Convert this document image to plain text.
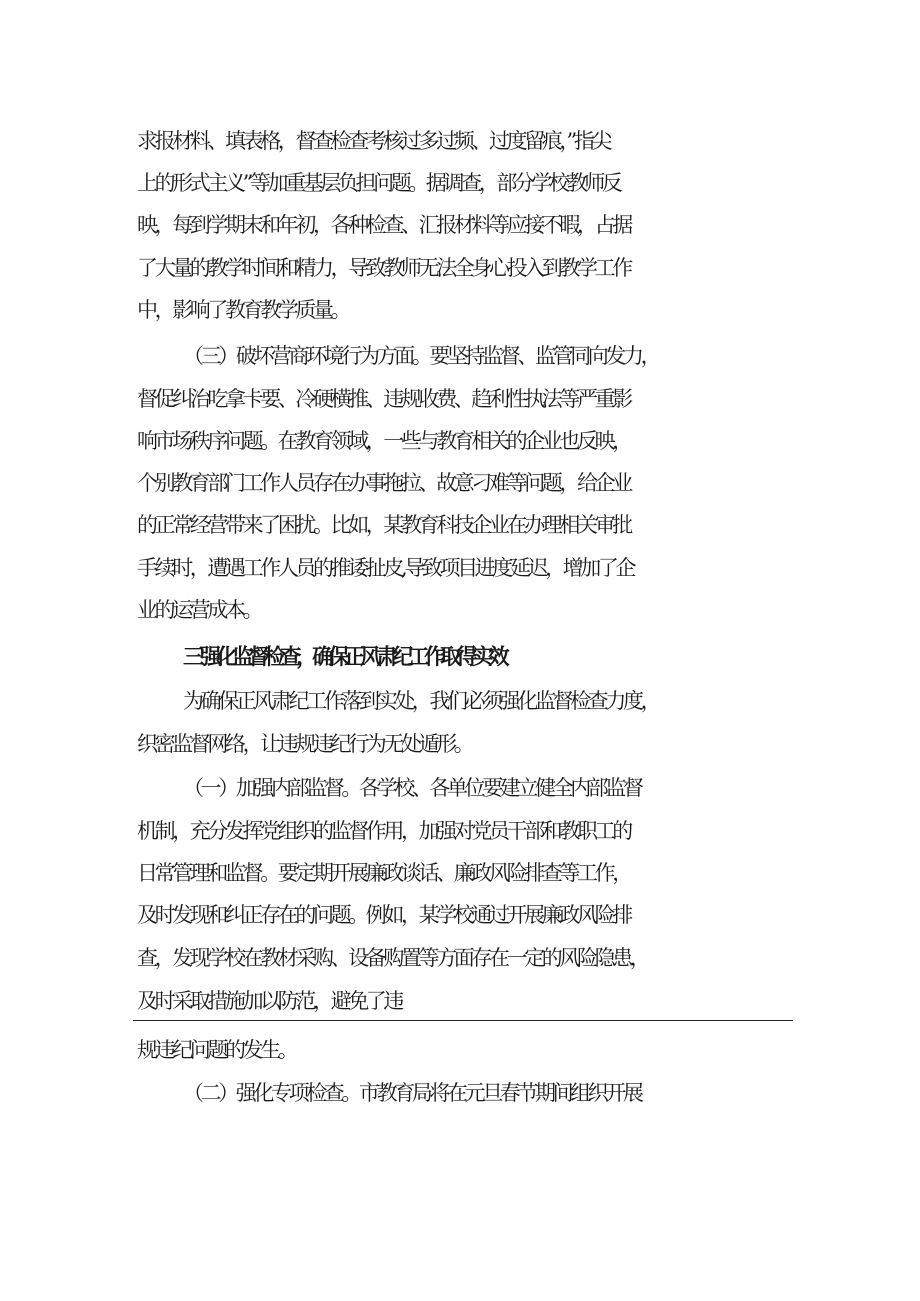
求报材料、填表格，督查检查考核过多过频、过度留痕，”指尖
上的形式主义”等加重基层负担问题。据调查，部分学校教师反
映，每到学期末和年初，各种检查、汇报材料等应接不暇，占据
了大量的教学时间和精力，导致教师无法全身心投入到教学工作
中，影响了教育教学质量。
（三）破坏营商环境行为方面。要坚持监督、监管同向发力，
督促纠治吃拿卡要、冷硬横推、违规收费、趋利性执法等严重影
响市场秩序问题。在教育领域，一些与教育相关的企业也反映，
个别教育部门工作人员存在办事拖拉、故意刁难等问题，给企业
的正常经营带来了困扰。比如，某教育科技企业在办理相关审批
手续时，遭遇工作人员的推诿扯皮,导致项目进度延迟，增加了企
业的运营成本。
三'强化监督检查，确保正风肃纪工作取得实效
为确保正风肃纪工作落到实处，我们必须强化监督检查力度，
织密监督网络，让违规违纪行为无处遁形。
（一）加强内部监督。各学校、各单位要建立健全内部监督
机制，充分发挥党组织的监督作用，加强对党员干部和教职工的
日常管理和监督。要定期开展廉政谈话、廉政风险排查等工作，
及时发现和纠正存在的问题。例如，某学校通过开展廉政风险排
查，发现学校在教材采购、设备购置等方面存在一定的风险隐患，
及时采取措施加以防范，避免了违
规违纪问题的发生。
（二）强化专项检查。市教育局将在元旦春节期间组织开展
